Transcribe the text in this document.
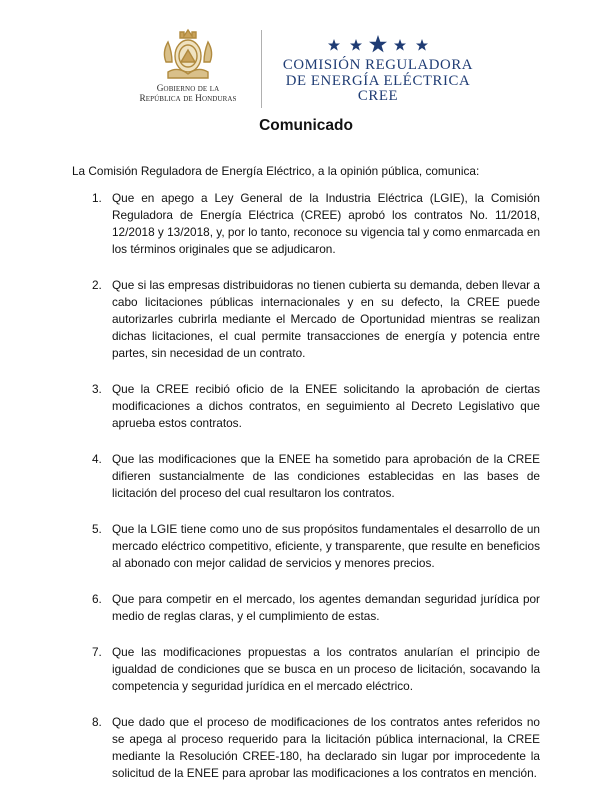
Gobierno de la
República de Honduras
COMISIÓN REGULADORA
DE ENERGÍA ELÉCTRICA
CREE
Comunicado
La Comisión Reguladora de Energía Eléctrico, a la opinión pública, comunica:
1. Que en apego a Ley General de la Industria Eléctrica (LGIE), la Comisión Reguladora de Energía Eléctrica (CREE) aprobó los contratos No. 11/2018, 12/2018 y 13/2018, y, por lo tanto, reconoce su vigencia tal y como enmarcada en los términos originales que se adjudicaron.
2. Que si las empresas distribuidoras no tienen cubierta su demanda, deben llevar a cabo licitaciones públicas internacionales y en su defecto, la CREE puede autorizarles cubrirla mediante el Mercado de Oportunidad mientras se realizan dichas licitaciones, el cual permite transacciones de energía y potencia entre partes, sin necesidad de un contrato.
3. Que la CREE recibió oficio de la ENEE solicitando la aprobación de ciertas modificaciones a dichos contratos, en seguimiento al Decreto Legislativo que aprueba estos contratos.
4. Que las modificaciones que la ENEE ha sometido para aprobación de la CREE difieren sustancialmente de las condiciones establecidas en las bases de licitación del proceso del cual resultaron los contratos.
5. Que la LGIE tiene como uno de sus propósitos fundamentales el desarrollo de un mercado eléctrico competitivo, eficiente, y transparente, que resulte en beneficios al abonado con mejor calidad de servicios y menores precios.
6. Que para competir en el mercado, los agentes demandan seguridad jurídica por medio de reglas claras, y el cumplimiento de estas.
7. Que las modificaciones propuestas a los contratos anularían el principio de igualdad de condiciones que se busca en un proceso de licitación, socavando la competencia y seguridad jurídica en el mercado eléctrico.
8. Que dado que el proceso de modificaciones de los contratos antes referidos no se apega al proceso requerido para la licitación pública internacional, la CREE mediante la Resolución CREE-180, ha declarado sin lugar por improcedente la solicitud de la ENEE para aprobar las modificaciones a los contratos en mención.
